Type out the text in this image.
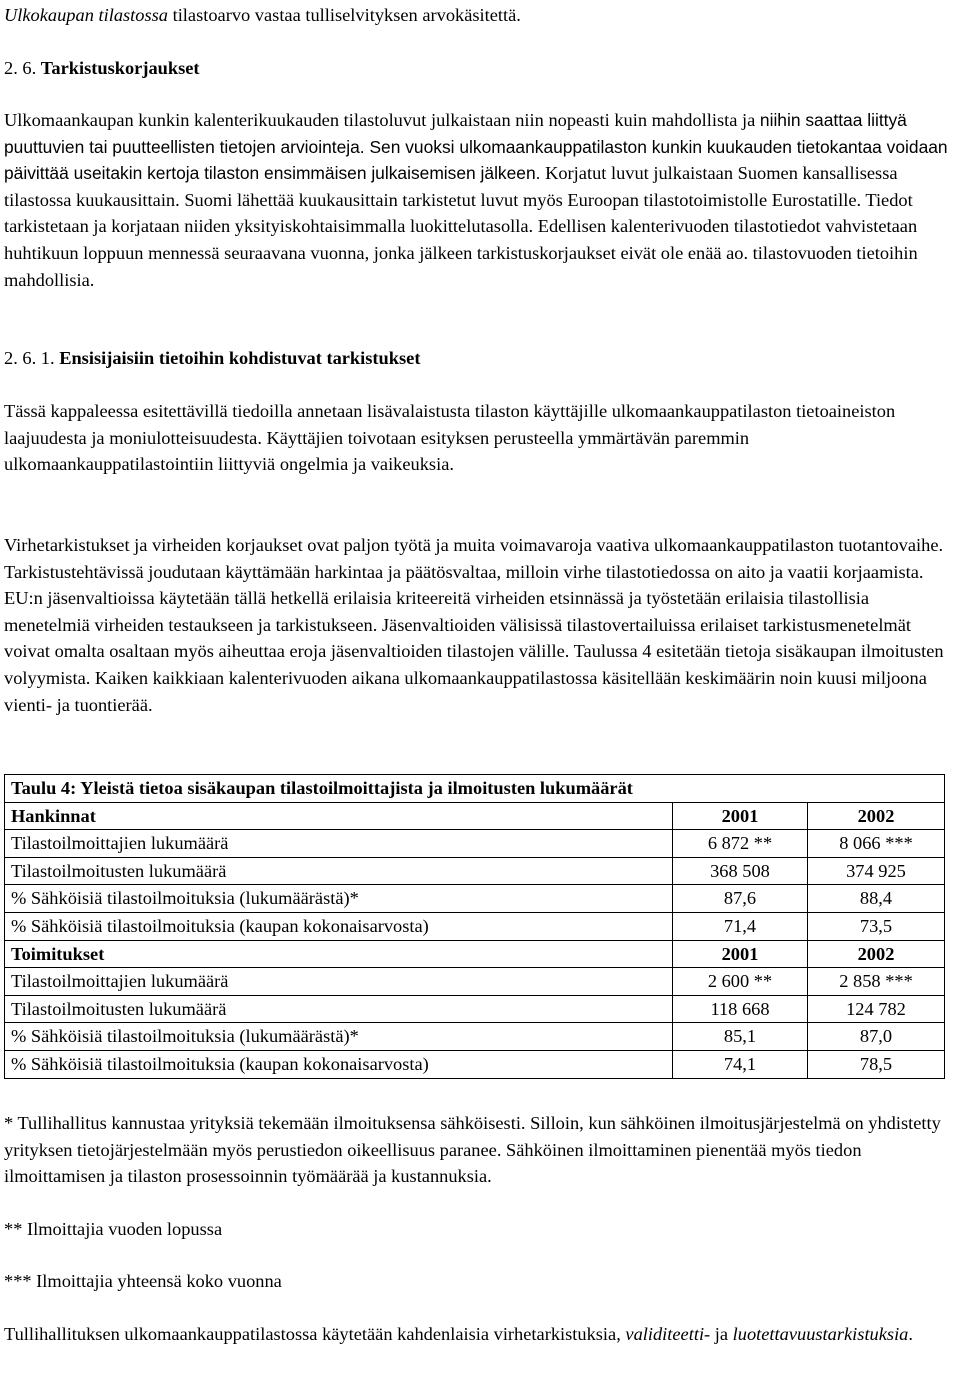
Ulkokaupan tilastossa tilastoarvo vastaa tulliselvityksen arvokäsitettä.

2. 6. Tarkistuskorjaukset

Ulkomaankaupan kunkin kalenterikuukauden tilastoluvut julkaistaan niin nopeasti kuin mahdollista ja niihin saattaa liittyä puuttuvien tai puutteellisten tietojen arviointeja. Sen vuoksi ulkomaankauppatilaston kunkin kuukauden tietokantaa voidaan päivittää useitakin kertoja tilaston ensimmäisen julkaisemisen jälkeen. Korjatut luvut julkaistaan Suomen kansallisessa tilastossa kuukausittain. Suomi lähettää kuukausittain tarkistetut luvut myös Euroopan tilastotoimistolle Eurostatille. Tiedot tarkistetaan ja korjataan niiden yksityiskohtaisimmalla luokittelutasolla. Edellisen kalenterivuoden tilastotiedot vahvistetaan huhtikuun loppuun mennessä seuraavana vuonna, jonka jälkeen tarkistuskorjaukset eivät ole enää ao. tilastovuoden tietoihin mahdollisia.

2. 6. 1. Ensisijaisiin tietoihin kohdistuvat tarkistukset

Tässä kappaleessa esitettävillä tiedoilla annetaan lisävalaistusta tilaston käyttäjille ulkomaankauppatilaston tietoaineiston laajuudesta ja moniulotteisuudesta. Käyttäjien toivotaan esityksen perusteella ymmärtävän paremmin ulkomaankauppatilastointiin liittyviä ongelmia ja vaikeuksia.

Virhetarkistukset ja virheiden korjaukset ovat paljon työtä ja muita voimavaroja vaativa ulkomaankauppatilaston tuotantovaihe. Tarkistustehtävissä joudutaan käyttämään harkintaa ja päätösvaltaa, milloin virhe tilastotiedossa on aito ja vaatii korjaamista. EU:n jäsenvaltioissa käytetään tällä hetkellä erilaisia kriteereitä virheiden etsinnässä ja työstetään erilaisia tilastollisia menetelmiä virheiden testaukseen ja tarkistukseen. Jäsenvaltioiden välisissä tilastovertailuissa erilaiset tarkistusmenetelmät voivat omalta osaltaan myös aiheuttaa eroja jäsenvaltioiden tilastojen välille. Taulussa 4 esitetään tietoja sisäkaupan ilmoitusten volyymista. Kaiken kaikkiaan kalenterivuoden aikana ulkomaankauppatilastossa käsitellään keskimäärin noin kuusi miljoona vienti- ja tuontierää.

Taulu 4: Yleistä tietoa sisäkaupan tilastoilmoittajista ja ilmoitusten lukumäärät		
Hankinnat	2001	2002
Tilastoilmoittajien lukumäärä	6 872 **	8 066 ***
Tilastoilmoitusten lukumäärä	368 508	374 925
% Sähköisiä tilastoilmoituksia (lukumäärästä)*	87,6	88,4
% Sähköisiä tilastoilmoituksia (kaupan kokonaisarvosta)	71,4	73,5
Toimitukset	2001	2002
Tilastoilmoittajien lukumäärä	2 600 **	2 858 ***
Tilastoilmoitusten lukumäärä	118 668	124 782
% Sähköisiä tilastoilmoituksia (lukumäärästä)*	85,1	87,0
% Sähköisiä tilastoilmoituksia (kaupan kokonaisarvosta)	74,1	78,5

* Tullihallitus kannustaa yrityksiä tekemään ilmoituksensa sähköisesti. Silloin, kun sähköinen ilmoitusjärjestelmä on yhdistetty yrityksen tietojärjestelmään myös perustiedon oikeellisuus paranee. Sähköinen ilmoittaminen pienentää myös tiedon ilmoittamisen ja tilaston prosessoinnin työmäärää ja kustannuksia.

** Ilmoittajia vuoden lopussa

*** Ilmoittajia yhteensä koko vuonna

Tullihallituksen ulkomaankauppatilastossa käytetään kahdenlaisia virhetarkistuksia, validiteetti- ja luotettavuustarkistuksia.
